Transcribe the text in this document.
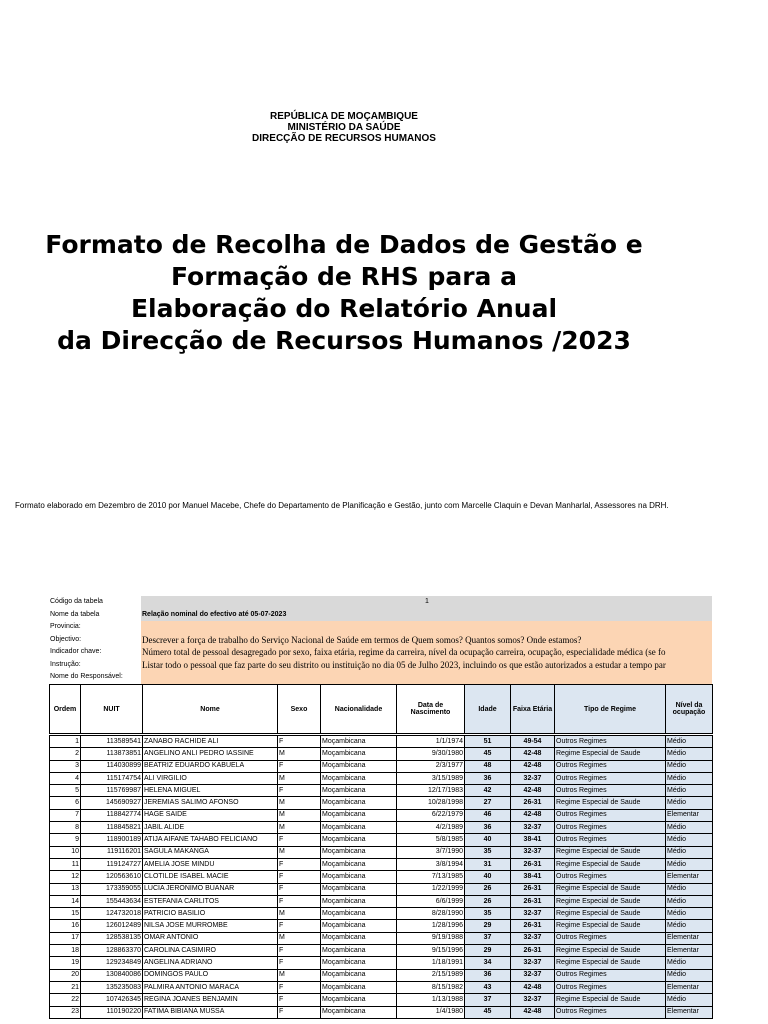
REPÚBLICA DE MOÇAMBIQUE
MINISTÉRIO DA SAÚDE
DIRECÇÃO DE RECURSOS HUMANOS
Formato de Recolha de Dados de Gestão e
Formação de RHS para a
Elaboração do Relatório Anual
da Direcção de Recursos Humanos /2023
Formato elaborado em Dezembro de 2010 por Manuel Macebe, Chefe do Departamento de Planificação e Gestão, junto com Marcelle Claquin e Devan Manharlal, Assessores na DRH.
Código da tabela	1
Nome da tabela	Relação nominal do efectivo até 05-07-2023
Provincia:
Objectivo:	Descrever a força de trabalho do Serviço Nacional de Saúde em termos de Quem somos? Quantos somos? Onde estamos?
Indicador chave:	Número total de pessoal desagregado por sexo, faixa etária, regime da carreira, nível da ocupação carreira, ocupação, especialidade médica (se fo
Instrução:	Listar todo o pessoal que faz parte do seu distrito ou instituição no dia 05 de Julho 2023, incluindo os que estão autorizados a estudar a tempo par
Nome do Responsável:
Ordem	NUIT	Nome	Sexo	Nacionalidade	Data de Nascimento	Idade	Faixa Etária	Tipo de Regime	Nível da ocupação

1	113589541	ZANABO RACHIDE ALI	F	Moçambicana	1/1/1974	51	49-54	Outros Regimes	Médio
2	113873851	ANGELINO ANLI PEDRO IASSINE	M	Moçambicana	9/30/1980	45	42-48	Regime Especial de Saude	Médio
3	114030899	BEATRIZ EDUARDO KABUELA	F	Moçambicana	2/3/1977	48	42-48	Outros Regimes	Médio
4	115174754	ALI VIRGILIO	M	Moçambicana	3/15/1989	36	32-37	Outros Regimes	Médio
5	115769987	HELENA MIGUEL	F	Moçambicana	12/17/1983	42	42-48	Outros Regimes	Médio
6	145690927	JEREMIAS SALIMO AFONSO	M	Moçambicana	10/28/1998	27	26-31	Regime Especial de Saude	Médio
7	118842774	HAGE SAIDE	M	Moçambicana	6/22/1979	46	42-48	Outros Regimes	Elementar
8	118845821	JABIL ALIDE	M	Moçambicana	4/2/1989	36	32-37	Outros Regimes	Médio
9	118900189	ATIJA AIFANE TAHABO FELICIANO	F	Moçambicana	5/8/1985	40	38-41	Outros Regimes	Médio
10	119116201	SAGULA MAKANGA	M	Moçambicana	3/7/1990	35	32-37	Regime Especial de Saude	Médio
11	119124727	AMELIA JOSE MINDU	F	Moçambicana	3/8/1994	31	26-31	Regime Especial de Saude	Médio
12	120563610	CLOTILDE ISABEL MACIE	F	Moçambicana	7/13/1985	40	38-41	Outros Regimes	Elementar
13	173359055	LUCIA JERONIMO BUANAR	F	Moçambicana	1/22/1999	26	26-31	Regime Especial de Saude	Médio
14	155443634	ESTEFANIA CARLITOS	F	Moçambicana	6/6/1999	26	26-31	Regime Especial de Saude	Médio
15	124732018	PATRICIO BASILIO	M	Moçambicana	8/28/1990	35	32-37	Regime Especial de Saude	Médio
16	126012489	NILSA JOSE MURROMBE	F	Moçambicana	1/28/1996	29	26-31	Regime Especial de Saude	Médio
17	128538135	OMAR ANTONIO	M	Moçambicana	9/19/1988	37	32-37	Outros Regimes	Elementar
18	128863370	CAROLINA CASIMIRO	F	Moçambicana	9/15/1996	29	26-31	Regime Especial de Saude	Elementar
19	129234849	ANGELINA ADRIANO	F	Moçambicana	1/18/1991	34	32-37	Regime Especial de Saude	Médio
20	130840086	DOMINGOS PAULO	M	Moçambicana	2/15/1989	36	32-37	Outros Regimes	Médio
21	135235083	PALMIRA ANTONIO MARACA	F	Moçambicana	8/15/1982	43	42-48	Outros Regimes	Elementar
22	107426345	REGINA JOANES BENJAMIN	F	Moçambicana	1/13/1988	37	32-37	Regime Especial de Saude	Médio
23	110190220	FATIMA BIBIANA MUSSA	F	Moçambicana	1/4/1980	45	42-48	Outros Regimes	Elementar
